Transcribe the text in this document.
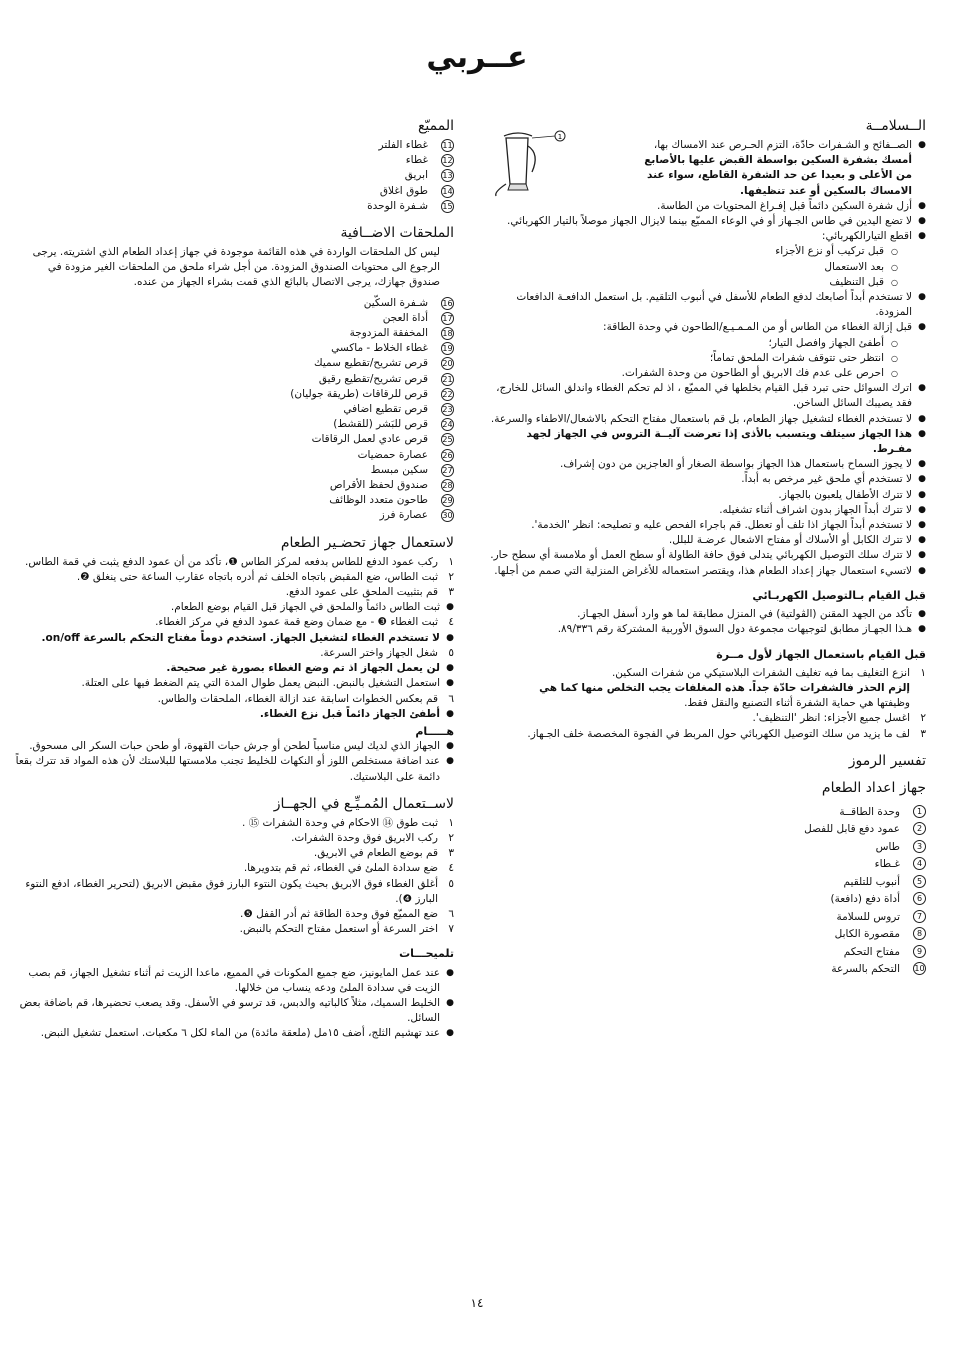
عــربي
1
الــسلامــة
● الصــفائح و الشـفرات حادّة، التزم الحـرص عند الامساك بها،
أمسك بشفرة السكين بواسطة القبض عليها بالأصابع
من الأعلى و بعيدا عن حد الشفرة القاطع، سواء عند
الامساك بالسكين أو عند تنظيفها.
● أزل شفرة السكين دائماً قبل إفـراغ المحتويات من الطاسة.
● لا تضع اليدين في طاس الجـهاز أو في الوعاء المميّع بينما لايزال الجهاز موصلاً بالتيار الكهربائي.
● اقطع التيارالكهربائي:
○ قبل تركيب أو نزع الأجزاء
○ بعد الاستعمال
○ قبل التنظيف
● لا تستخدم أبداً أصابعك لدفع الطعام للأسفل في أنبوب التلقيم. بل استعمل الدافعـة الدافعات المزودة.
● قبل إزالة الغطاء من الطاس أو من المـمـيـع/الطاحون في وحدة الطاقة:
○ أطفئ الجهاز وافصل التيار؛
○ انتظر حتى تتوقف شفرات الملحق تماماً؛
○ احرص على عدم فك الابريق أو الطاحون من وحدة الشفرات.
● اترك السوائل حتى تبرد قبل القيام بخلطها في المميّع ، اذ لم تحكم الغطاء واندلق السائل للخارج، فقد يصيبك السائل الساخن.
● لا تستخدم الغطاء لتشغيل جهاز الطعام، بل قم باستعمال مفتاح التحكم بالاشعال/الاطفاء والسرعة.
● هذا الجهاز سيتلف ويتسبب بالأذى إذا تعرضت آليــة التروس في الجهاز لجهد مفـرط.
● لا يجوز السماح باستعمال هذا الجهاز بواسطة الصغار أو العاجزين من دون إشراف.
● لا تستخدم أي ملحق غير مرخص به أبداً.
● لا تترك الأطفال يلعبون بالجهاز.
● لا تترك أبداً الجهاز بدون اشراف أثناء تشغيله.
● لا تستخدم أبداً الجهاز اذا تلف أو تعطل. قم باجراء الفحص عليه و تصليحه: انظر 'الخدمة'.
● لا تترك الكابل أو الأسلاك أو مفتاح الاشعال عرضـة للبلل.
● لا تترك سلك التوصيل الكهربائي يتدلى فوق حافة الطاولة أو سطح العمل أو ملامسة أي سطح حار.
● لاتسيء استعمال جهاز إعداد الطعام هذا، ويقتصر استعماله للأغراض المنزلية التي صمم من أجلها.
قبل القيام بـالتوصيل الكهربـائي
● تأكد من الجهد المقنن (الڤولتية) في المنزل مطابقة لما هو وارد أسفل الجهـاز.
● هـذا الجهـاز مطابق لتوجيهات مجموعة دول السوق الأوربية المشتركة رقم ٨٩/٣٣٦.
قبل القيام باستعمال الجهاز لأول مــرة
١
انزع التغليف بما فيه تغليف الشفرات البلاستيكي من شفرات السكين.
إلزم الحذر فالشفرات حادّة جداً. هذه المغلفات يجب التخلص منها كما هي
وظيفتها هي حماية الشفرة أثناء التصنيع والنقل فقط.
٢
اغسل جميع الأجزاء: انظر 'التنظيف'.
٣
لف ما يزيد من سلك التوصيل الكهربائي حول المربط في الفجوة المخصصة خلف الجـهاز.
تفسير الرموز
جهاز اعداد الطعام
1
وحدة الطاقــة
2
عمود دفع قابل للفصل
3
طاس
4
غـطاء
5
أنبوب للتلقيم
6
أداة دفع (دافعة)
7
تروس للسلامة
8
مقصورة الكابل
9
مفتاح التحكم
10
التحكم بالسرعة
المميّع
11
غطاء الفلتر
12
غطاء
13
ابريق
14
طوق اغلاق
15
شـفرة الوحدة
الملحقات الاضــافية

ليس كل الملحقات الواردة في هذه القائمة موجودة في جهاز إعداد الطعام الذي اشتريته. يرجى الرجوع الى محتويات الصندوق المزودة. من أجل شراء ملحق من الملحقات الغير مزودة في صندوق جهازك، يرجى الاتصال بالبائع الذي قمت بشراء الجهاز من عنده.

16
شـفرة السكّين
17
أداة العجن
18
المخفقة المزدوجة
19
غطاء الخلاط - ماكسي
20
قرص تشريح/تقطيع سميك
21
قرص تشريح/تقطيع رقيق
22
قرص للرقاقات (طريقة جوليان)
23
قرص تقطيع اضافي
24
قرص للبَشر (للقشط)
25
قرص عادي لعمل الرقاقات
26
عصارة حمضيات
27
سكين مبسط
28
صندوق لحفظ الأقراص
29
طاحون متعدد الوظائف
30
عصارة فرز
لاستعمال جهاز تحضـير الطعام
١
ركب عمود الدفع للطاس بدفعه لمركز الطاس ❶، تأكد من أن عمود الدفع يثبت في قمة الطاس.
٢
ثبت الطاس، ضع المقبض باتجاه الخلف ثم أدره باتجاه عقارب الساعة حتى ينغلق ❷.
٣
قم بتثبيت الملحق على عمود الدفع.
● ثبت الطاس دائماً والملحق في الجهاز قبل القيام بوضع الطعام.
٤
ثبت الغطاء ❸ - مع ضمان وضع قمة عمود الدفع في مركز الغطاء.
● لا تستخدم الغطاء لتشغيل الجهاز. استخدم دوماً مفتاح التحكم بالسرعة on/off.
٥
شغل الجهاز واختر السرعة.
● لن يعمل الجهاز اذ تم وضع الغطاء بصورة غير صحيحة.
● استعمل التشغيل بالنبض. النبض يعمل طوال المدة التي يتم الضغط فيها على العتلة.
٦
قم بعكس الخطوات اسابقة عند ازالة الغطاء، الملحقات والطاس.
● أطفئ الجهاز دائماً قبل نزع الغطاء.
هـــــام
● الجهاز الذي لديك ليس مناسباً لطحن أو جرش حبات القهوة، أو طحن حبات السكر الى مسحوق.
● عند اضافة مستخلص اللوز أو النكهات للخليط تجنب ملامستها للبلاستك لأن هذه المواد قد تترك بقعاً دائمة على البلاستيك.
لاســتعمال المُمـيِّـع في الجهــاز
١
ثبت طوق ⑭ الاحكام في وحدة الشفرات ⑮ .
٢
ركب الابريق فوق وحدة الشفرات.
٣
قم بوضع الطعام في الابريق.
٤
ضع سدادة الملئ في الغطاء، ثم قم بتدويرها.
٥
أغلق الغطاء فوق الابريق بحيث يكون النتوء البارز فوق مقبض الابريق (لتحرير الغطاء، ادفع النتوء البارز ❹).
٦
ضع المميّع فوق وحدة الطاقة ثم أدر القفل ❺.
٧
اختر السرعة أو استعمل مفتاح التحكم بالنبض.
تلميحـــات
● عند عمل المايونيز، ضع جميع المكونات في المميع، ماعدا الزيت ثم أثناء تشغيل الجهاز، قم بصب الزيت في سدادة الملئ ودعه ينساب من خلالها.
● الخليط السميك، مثلاً كالباتيه والدبس، قد ترسو في الأسفل. وقد يصعب تحضيرها، قم باضافة بعض السائل.
● عند تهشيم الثلج، أضف ١٥مل (ملعقة مائدة) من الماء لكل ٦ مكعبات. استعمل تشغيل النبض.
١٤
